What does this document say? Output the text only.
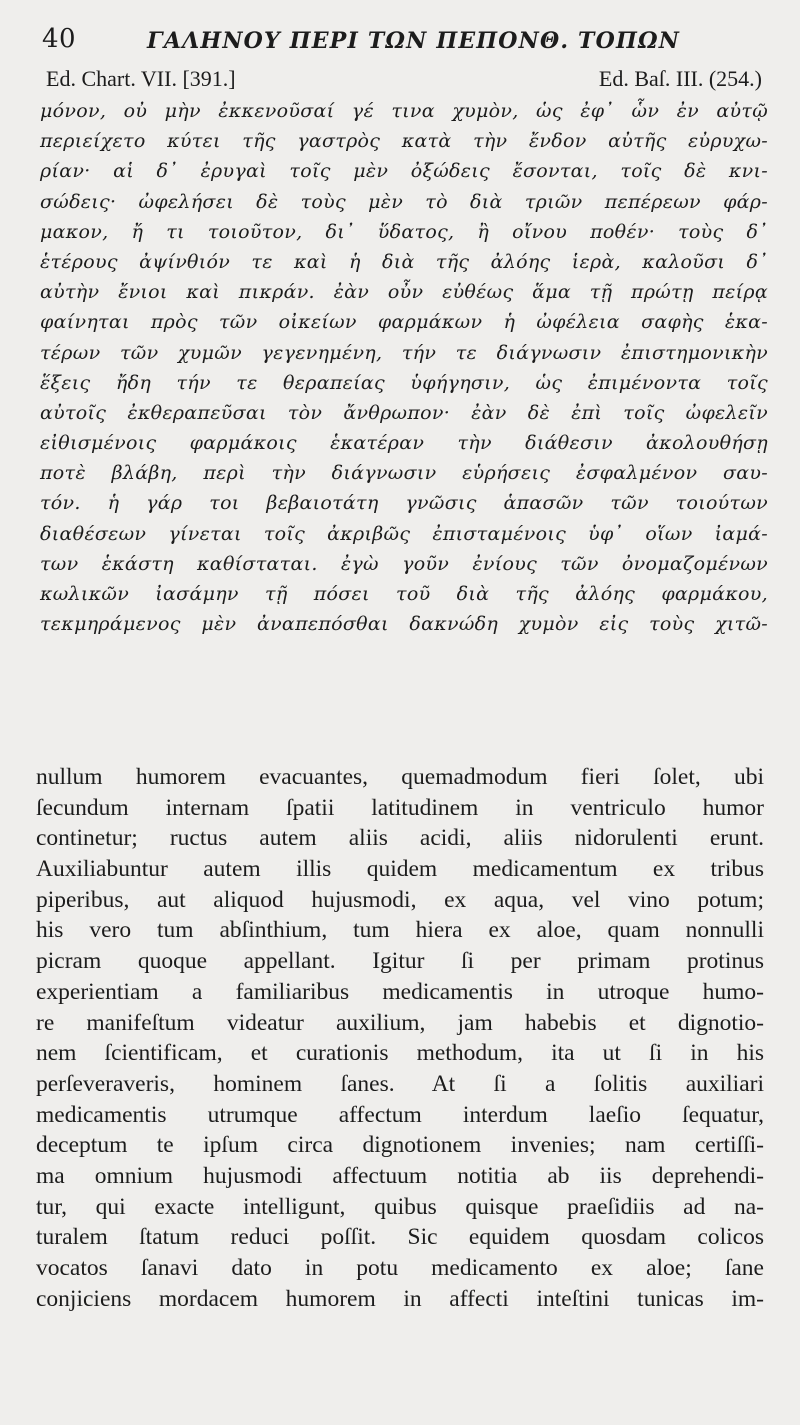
40	ΓΑΛΗΝΟΥ ΠΕΡΙ ΤΩΝ ΠΕΠΟΝΘ. ΤΟΠΩΝ
Ed. Chart. VII. [391.]	Ed. Baſ. III. (254.)
μόνον, οὐ μὴν ἐκκενοῦσαί γέ τινα χυμὸν, ὡς ἐφ᾽ ὧν ἐν αὐτῷ
περιείχετο κύτει τῆς γαστρὸς κατὰ τὴν ἔνδον αὐτῆς εὐρυχω-
ρίαν· αἱ δ᾽ ἐρυγαὶ τοῖς μὲν ὀξώδεις ἔσονται, τοῖς δὲ κνι-
σώδεις· ὠφελήσει δὲ τοὺς μὲν τὸ διὰ τριῶν πεπέρεων φάρ-
μακον, ἤ τι τοιοῦτον, δι᾽ ὕδατος, ἢ οἴνου ποθέν· τοὺς δ᾽
ἑτέρους ἀψίνθιόν τε καὶ ἡ διὰ τῆς ἀλόης ἱερὰ, καλοῦσι δ᾽
αὐτὴν ἔνιοι καὶ πικράν. ἐὰν οὖν εὐθέως ἅμα τῇ πρώτῃ πείρᾳ
φαίνηται πρὸς τῶν οἰκείων φαρμάκων ἡ ὠφέλεια σαφὴς ἑκα-
τέρων τῶν χυμῶν γεγενημένη, τήν τε διάγνωσιν ἐπιστημονικὴν
ἕξεις ἤδη τήν τε θεραπείας ὑφήγησιν, ὡς ἐπιμένοντα τοῖς
αὐτοῖς ἐκθεραπεῦσαι τὸν ἄνθρωπον· ἐὰν δὲ ἐπὶ τοῖς ὠφελεῖν
εἰθισμένοις φαρμάκοις ἑκατέραν τὴν διάθεσιν ἀκολουθήσῃ
ποτὲ βλάβη, περὶ τὴν διάγνωσιν εὑρήσεις ἐσφαλμένον σαυ-
τόν. ἡ γάρ τοι βεβαιοτάτη γνῶσις ἁπασῶν τῶν τοιούτων
διαθέσεων γίνεται τοῖς ἀκριβῶς ἐπισταμένοις ὑφ᾽ οἵων ἰαμά-
των ἑκάστη καθίσταται. ἐγὼ γοῦν ἐνίους τῶν ὀνομαζομένων
κωλικῶν ἰασάμην τῇ πόσει τοῦ διὰ τῆς ἀλόης φαρμάκου,
τεκμηράμενος μὲν ἀναπεπόσθαι δακνώδη χυμὸν εἰς τοὺς χιτῶ-
nullum humorem evacuantes, quemadmodum fieri ſolet, ubi
ſecundum internam ſpatii latitudinem in ventriculo humor
continetur; ructus autem aliis acidi, aliis nidorulenti erunt.
Auxiliabuntur autem illis quidem medicamentum ex tribus
piperibus, aut aliquod hujusmodi, ex aqua, vel vino potum;
his vero tum abſinthium, tum hiera ex aloe, quam nonnulli
picram quoque appellant. Igitur ſi per primam protinus
experientiam a familiaribus medicamentis in utroque humo-
re manifeſtum videatur auxilium, jam habebis et dignotio-
nem ſcientificam, et curationis methodum, ita ut ſi in his
perſeveraveris, hominem ſanes. At ſi a ſolitis auxiliari
medicamentis utrumque affectum interdum laeſio ſequatur,
deceptum te ipſum circa dignotionem invenies; nam certiſſi-
ma omnium hujusmodi affectuum notitia ab iis deprehendi-
tur, qui exacte intelligunt, quibus quisque praeſidiis ad na-
turalem ſtatum reduci poſſit. Sic equidem quosdam colicos
vocatos ſanavi dato in potu medicamento ex aloe; ſane
conjiciens mordacem humorem in affecti inteſtini tunicas im-
